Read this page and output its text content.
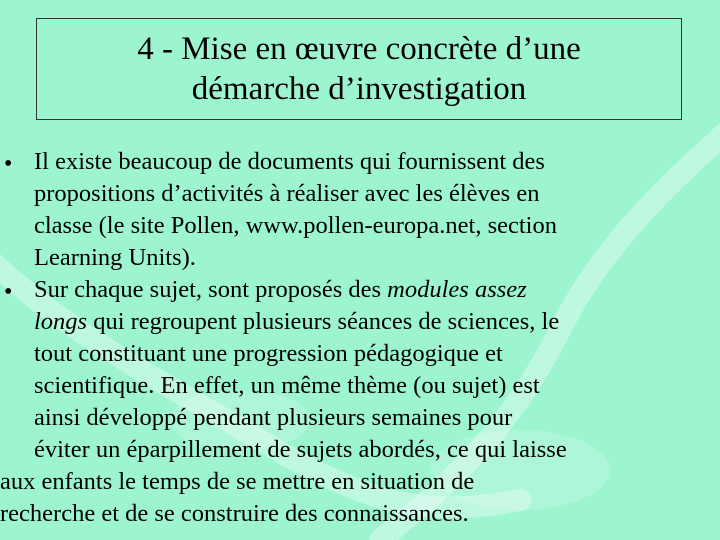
4 - Mise en œuvre concrète d’une
démarche d’investigation
• Il existe beaucoup de documents qui fournissent des
propositions d’activités à réaliser avec les élèves en
classe (le site Pollen, www.pollen-europa.net, section
Learning Units).
• Sur chaque sujet, sont proposés des modules assez
longs qui regroupent plusieurs séances de sciences, le
tout constituant une progression pédagogique et
scientifique. En effet, un même thème (ou sujet) est
ainsi développé pendant plusieurs semaines pour
éviter un éparpillement de sujets abordés, ce qui laisse
aux enfants le temps de se mettre en situation de
recherche et de se construire des connaissances.
